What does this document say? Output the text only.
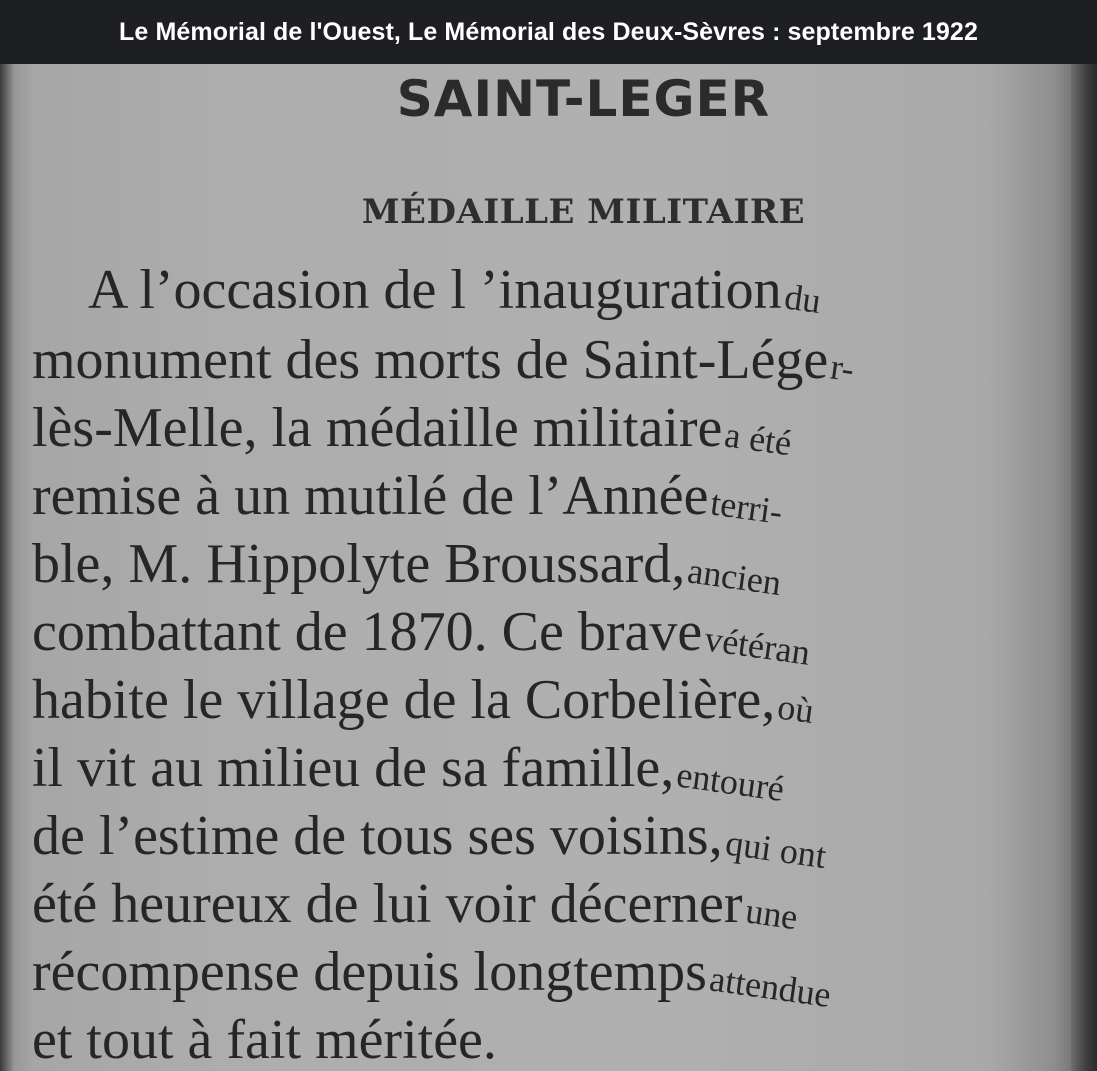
Le Mémorial de l'Ouest, Le Mémorial des Deux-Sèvres : septembre 1922
SAINT-LEGER
MÉDAILLE MILITAIRE
A l’occasion de l ’inaugurationdu
monument des morts de Saint-Léger-
lès-Melle, la médaille militairea été
remise à un mutilé de l’Annéeterri-
ble, M. Hippolyte Broussard,ancien
combattant de 1870. Ce bravevétéran
habite le village de la Corbelière,où
il vit au milieu de sa famille,entouré
de l’estime de tous ses voisins,qui ont
été heureux de lui voir décernerune
récompense depuis longtempsattendue
et tout à fait méritée.
